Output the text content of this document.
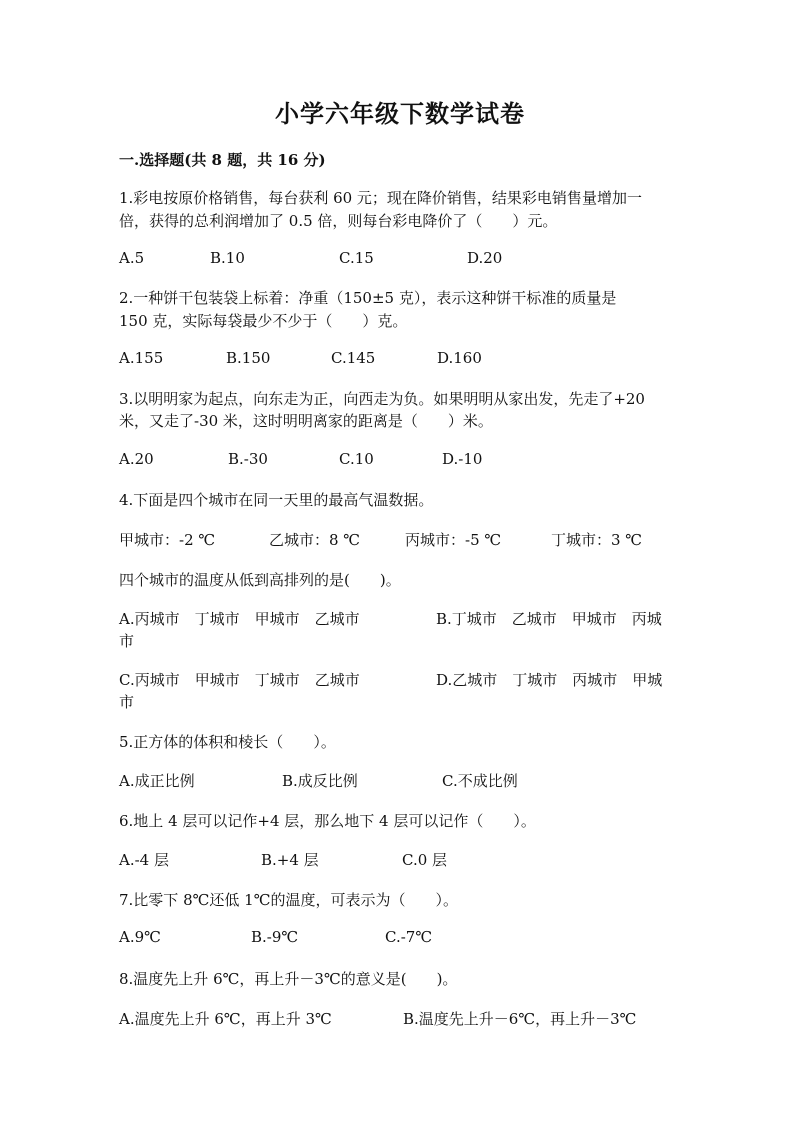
小学六年级下数学试卷
一.选择题(共 8 题，共 16 分)
1.彩电按原价格销售，每台获利 60 元；现在降价销售，结果彩电销售量增加一
倍，获得的总利润增加了 0.5 倍，则每台彩电降价了（　　）元。
A.5	B.10	C.15	D.20
2.一种饼干包装袋上标着：净重（150±5 克），表示这种饼干标准的质量是
150 克，实际每袋最少不少于（　　）克。
A.155	B.150	C.145	D.160
3.以明明家为起点，向东走为正，向西走为负。如果明明从家出发，先走了+20
米，又走了-30 米，这时明明离家的距离是（　　）米。
A.20	B.-30	C.10	D.-10
4.下面是四个城市在同一天里的最高气温数据。
甲城市：-2 ℃	乙城市：8 ℃	丙城市：-5 ℃	丁城市：3 ℃
四个城市的温度从低到高排列的是(　　)。
A.丙城市　丁城市　甲城市　乙城市	B.丁城市　乙城市　甲城市　丙城
市
C.丙城市　甲城市　丁城市　乙城市	D.乙城市　丁城市　丙城市　甲城
市
5.正方体的体积和棱长（　　）。
A.成正比例	B.成反比例	C.不成比例
6.地上 4 层可以记作+4 层，那么地下 4 层可以记作（　　）。
A.-4 层	B.+4 层	C.0 层
7.比零下 8℃还低 1℃的温度，可表示为（　　）。
A.9℃	B.-9℃	C.-7℃
8.温度先上升 6℃，再上升－3℃的意义是(　　)。
A.温度先上升 6℃，再上升 3℃	B.温度先上升－6℃，再上升－3℃
